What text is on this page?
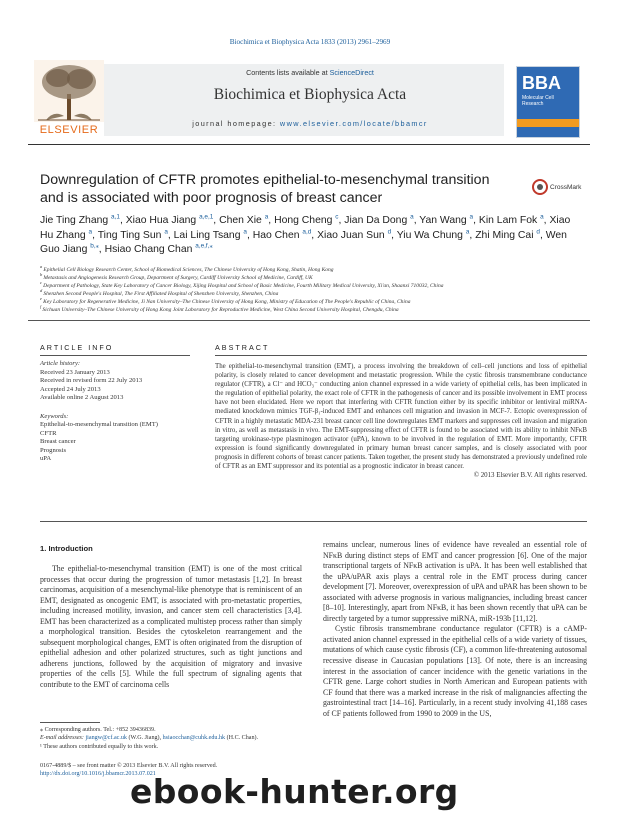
Biochimica et Biophysica Acta 1833 (2013) 2961–2969
Contents lists available at ScienceDirect
Biochimica et Biophysica Acta
journal homepage: www.elsevier.com/locate/bbamcr
ELSEVIER
BBA
Molecular Cell Research
Downregulation of CFTR promotes epithelial-to-mesenchymal transition and is associated with poor prognosis of breast cancer
CrossMark
Jie Ting Zhang $^{a,1}$, Xiao Hua Jiang $^{a,e,1}$, Chen Xie $^a$, Hong Cheng $^c$, Jian Da Dong $^a$, Yan Wang $^a$, Kin Lam Fok $^a$, Xiao Hu Zhang $^a$, Ting Ting Sun $^a$, Lai Ling Tsang $^a$, Hao Chen $^{a,d}$, Xiao Juan Sun $^d$, Yiu Wa Chung $^a$, Zhi Ming Cai $^d$, Wen Guo Jiang $^{b,⁎}$, Hsiao Chang Chan $^{a,e,f,⁎}$
$^a$ Epithelial Cell Biology Research Center, School of Biomedical Sciences, The Chinese University of Hong Kong, Shatin, Hong Kong
$^b$ Metastasis and Angiogenesis Research Group, Department of Surgery, Cardiff University School of Medicine, Cardiff, UK
$^c$ Department of Pathology, State Key Laboratory of Cancer Biology, Xijing Hospital and School of Basic Medicine, Fourth Military Medical University, Xi'an, Shaanxi 710032, China
$^d$ Shenzhen Second People's Hospital, The First Affiliated Hospital of Shenzhen University, Shenzhen, China
$^e$ Key Laboratory for Regenerative Medicine, Ji Nan University–The Chinese University of Hong Kong, Ministry of Education of The People's Republic of China, China
$^f$ Sichuan University–The Chinese University of Hong Kong Joint Laboratory for Reproductive Medicine, West China Second University Hospital, Chengdu, China
ARTICLE INFO
Article history:
Received 23 January 2013
Received in revised form 22 July 2013
Accepted 24 July 2013
Available online 2 August 2013
Keywords:
Epithelial-to-mesenchymal transition (EMT)
CFTR
Breast cancer
Prognosis
uPA
ABSTRACT
The epithelial-to-mesenchymal transition (EMT), a process involving the breakdown of cell–cell junctions and loss of epithelial polarity, is closely related to cancer development and metastatic progression. While the cystic fibrosis transmembrane conductance regulator (CFTR), a Cl⁻ and HCO₃⁻ conducting anion channel expressed in a wide variety of epithelial cells, has been implicated in the regulation of epithelial polarity, the exact role of CFTR in the pathogenesis of cancer and its possible involvement in EMT process have not been elucidated. Here we report that interfering with CFTR function either by its specific inhibitor or lentiviral miRNA-mediated knockdown mimics TGF-β₁-induced EMT and enhances cell migration and invasion in MCF-7. Ectopic overexpression of CFTR in a highly metastatic MDA-231 breast cancer cell line downregulates EMT markers and suppresses cell invasion and migration in vitro, as well as metastasis in vivo. The EMT-suppressing effect of CFTR is found to be associated with its ability to inhibit NFκB targeting urokinase-type plasminogen activator (uPA), known to be involved in the regulation of EMT. More importantly, CFTR expression is found significantly downregulated in primary human breast cancer samples, and is closely associated with poor prognosis in different cohorts of breast cancer patients. Taken together, the present study has demonstrated a previously undefined role of CFTR as an EMT suppressor and its potential as a prognostic indicator in breast cancer.
© 2013 Elsevier B.V. All rights reserved.
1. Introduction

The epithelial-to-mesenchymal transition (EMT) is one of the most critical processes that occur during the progression of tumor metastasis [1,2]. In breast carcinomas, acquisition of a mesenchymal-like phenotype that is reminiscent of an EMT, designated as oncogenic EMT, is associated with pro-metastatic properties, including increased motility, invasion, and cancer stem cell characteristics [3,4]. EMT has been characterized as a complicated multistep process rather than simply a morphological transition. Besides the cytoskeleton rearrangement and the subsequent morphological changes, EMT is often originated from the disruption of epithelial adhesion and other polarized structures, such as tight junctions and adherens junctions, followed by the acquisition of migratory and invasive properties of the cells [5]. While the full spectrum of signaling agents that contribute to the EMT of carcinoma cells

remains unclear, numerous lines of evidence have revealed an essential role of NFκB during distinct steps of EMT and cancer progression [6]. One of the major transcriptional targets of NFκB activation is uPA. It has been well established that the uPA/uPAR axis plays a central role in the EMT process during cancer development [7]. Moreover, overexpression of uPA and uPAR has been shown to be associated with adverse prognosis in various malignancies, including breast cancer [8–10]. Interestingly, apart from NFκB, it has been shown recently that uPA can be directly targeted by a tumor suppressive miRNA, miR-193b [11,12].

Cystic fibrosis transmembrane conductance regulator (CFTR) is a cAMP-activated anion channel expressed in the epithelial cells of a wide variety of tissues, mutations of which cause cystic fibrosis (CF), a common life-threatening autosomal recessive disease in Caucasian populations [13]. Of note, there is an increasing interest in the association of cancer incidence with the genetic variations in the CFTR gene. Large cohort studies in North American and European patients with CF found that there was a marked increase in the risk of malignancies affecting the gastrointestinal tract [14–16]. Particularly, in a recent study involving 41,188 cases of CF patients followed from 1990 to 2009 in the US,

⁎ Corresponding authors. Tel.: +852 39436839.
E-mail addresses: jiangw@cf.ac.uk (W.G. Jiang), hsiaocchan@cuhk.edu.hk (H.C. Chan).
¹ These authors contributed equally to this work.
0167-4889/$ – see front matter © 2013 Elsevier B.V. All rights reserved.
http://dx.doi.org/10.1016/j.bbamcr.2013.07.021
ebook-hunter.org
